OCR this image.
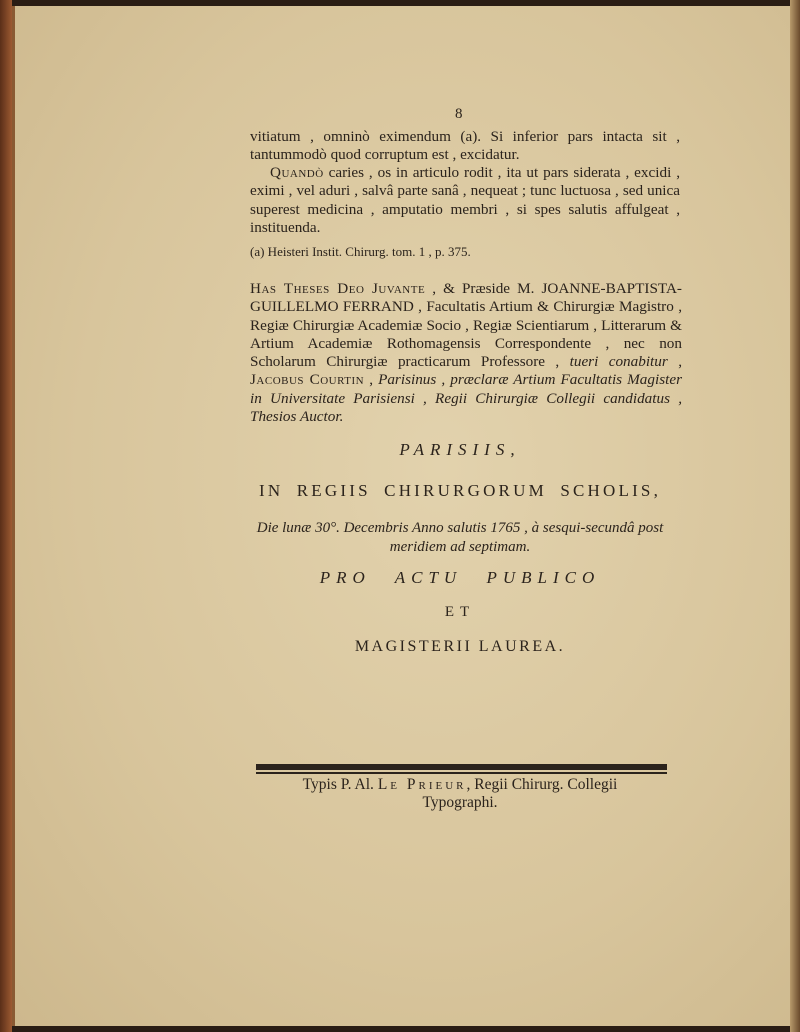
8
vitiatum , omninò eximendum (a). Si inferior pars intacta sit , tantummodò quod corruptum est , excidatur.
Quandò caries , os in articulo rodit , ita ut pars siderata , excidi , eximi , vel aduri , salvâ parte sanâ , nequeat ; tunc luctuosa , sed unica superest medicina , amputatio membri , si spes salutis affulgeat , instituenda.
(a) Heisteri Instit. Chirurg. tom. 1 , p. 375.
Has Theses Deo Juvante , & Præside M. JOANNE-BAPTISTA-GUILLELMO FERRAND , Facultatis Artium & Chirurgiæ Magistro , Regiæ Chirurgiæ Academiæ Socio , Regiæ Scientiarum , Litterarum & Artium Academiæ Rothomagensis Correspondente , nec non Scholarum Chirurgiæ practicarum Professore , tueri conabitur , Jacobus Courtin , Parisinus , præclaræ Artium Facultatis Magister in Universitate Parisiensi , Regii Chirurgiæ Collegii candidatus , Thesios Auctor.
PARISIIS,
IN REGIIS CHIRURGORUM SCHOLIS,
Die lunæ 30°. Decembris Anno salutis 1765 , à sesqui-secundâ post meridiem ad septimam.
PRO ACTU PUBLICO
ET
MAGISTERII LAUREA.
Typis P. Al. Le Prieur, Regii Chirurg. Collegii
Typographi.
